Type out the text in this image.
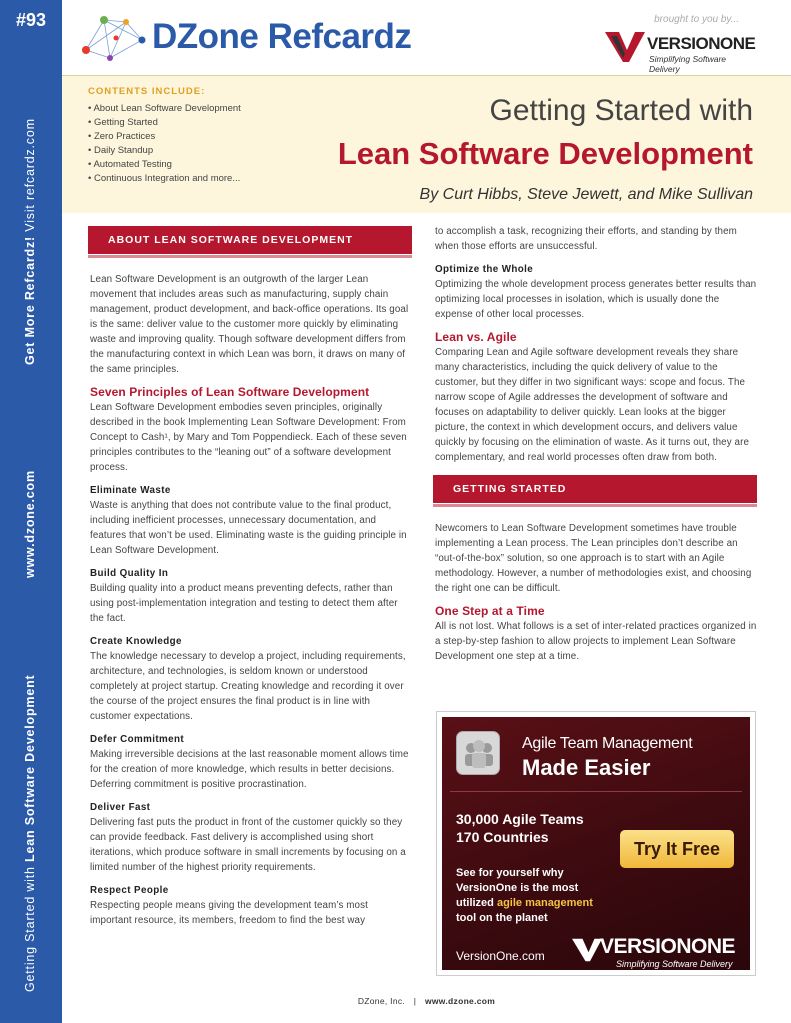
#93
Get More Refcardz! Visit refcardz.com
www.dzone.com
Getting Started with Lean Software Development
DZone Refcardz	brought to you by...
VERSIONONE
Simplifying Software Delivery
CONTENTS INCLUDE:
• About Lean Software Development
• Getting Started
• Zero Practices
• Daily Standup
• Automated Testing
• Continuous Integration and more...
Getting Started with
Lean Software Development
By Curt Hibbs, Steve Jewett, and Mike Sullivan
ABOUT LEAN SOFTWARE DEVELOPMENT

Lean Software Development is an outgrowth of the larger Lean movement that includes areas such as manufacturing, supply chain management, product development, and back-office operations. Its goal is the same: deliver value to the customer more quickly by eliminating waste and improving quality. Though software development differs from the manufacturing context in which Lean was born, it draws on many of the same principles.

Seven Principles of Lean Software Development

Lean Software Development embodies seven principles, originally described in the book Implementing Lean Software Development: From Concept to Cash¹, by Mary and Tom Poppendieck. Each of these seven principles contributes to the “leaning out” of a software development process.

Eliminate Waste

Waste is anything that does not contribute value to the final product, including inefficient processes, unnecessary documentation, and features that won’t be used. Eliminating waste is the guiding principle in Lean Software Development.

Build Quality In

Building quality into a product means preventing defects, rather than using post-implementation integration and testing to detect them after the fact.

Create Knowledge

The knowledge necessary to develop a project, including requirements, architecture, and technologies, is seldom known or understood completely at project startup. Creating knowledge and recording it over the course of the project ensures the final product is in line with customer expectations.

Defer Commitment

Making irreversible decisions at the last reasonable moment allows time for the creation of more knowledge, which results in better decisions. Deferring commitment is positive procrastination.

Deliver Fast

Delivering fast puts the product in front of the customer quickly so they can provide feedback. Fast delivery is accomplished using short iterations, which produce software in small increments by focusing on a limited number of the highest priority requirements.

Respect People

Respecting people means giving the development team’s most important resource, its members, freedom to find the best way

to accomplish a task, recognizing their efforts, and standing by them when those efforts are unsuccessful.

Optimize the Whole

Optimizing the whole development process generates better results than optimizing local processes in isolation, which is usually done the expense of other local processes.

Lean vs. Agile

Comparing Lean and Agile software development reveals they share many characteristics, including the quick delivery of value to the customer, but they differ in two significant ways: scope and focus. The narrow scope of Agile addresses the development of software and focuses on adaptability to deliver quickly. Lean looks at the bigger picture, the context in which development occurs, and delivers value quickly by focusing on the elimination of waste. As it turns out, they are complementary, and real world processes often draw from both.

GETTING STARTED

Newcomers to Lean Software Development sometimes have trouble implementing a Lean process. The Lean principles don’t describe an “out-of-the-box” solution, so one approach is to start with an Agile methodology. However, a number of methodologies exist, and choosing the right one can be difficult.

One Step at a Time

All is not lost. What follows is a set of inter-related practices organized in a step-by-step fashion to allow projects to implement Lean Software Development one step at a time.

Agile Team Management
Made Easier
30,000 Agile Teams
170 Countries
Try It Free
See for yourself why
VersionOne is the most
utilized agile management
tool on the planet
VersionOne.com	VERSIONONE
Simplifying Software Delivery
DZone, Inc. | www.dzone.com
